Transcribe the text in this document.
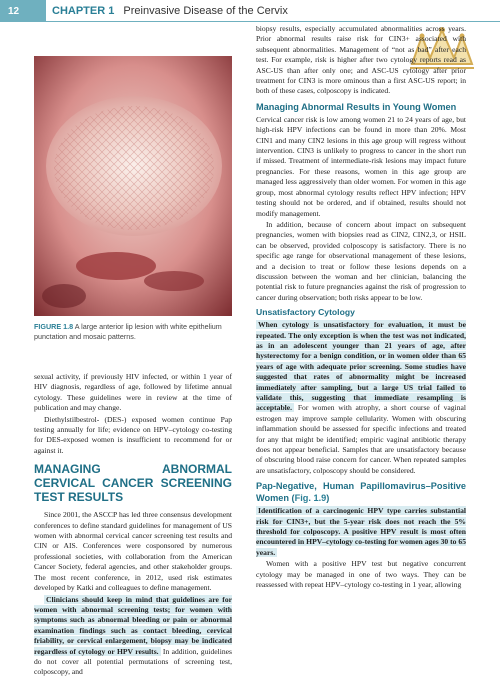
12	CHAPTER 1 Preinvasive Disease of the Cervix
FIGURE 1.8 A large anterior lip lesion with white epithelium punctation and mosaic patterns.

sexual activity, if previously HIV infected, or within 1 year of HIV diagnosis, regardless of age, followed by lifetime annual cytology. These guidelines were in review at the time of publication and may change.

Diethylstilbestrol- (DES-) exposed women continue Pap testing annually for life; evidence on HPV–cytology co-testing for DES-exposed women is insufficient to recommend for or against it.

MANAGING ABNORMAL CERVICAL CANCER SCREENING TEST RESULTS

Since 2001, the ASCCP has led three consensus development conferences to define standard guidelines for management of US women with abnormal cervical cancer screening test results and CIN or AIS. Conferences were cosponsored by numerous professional societies, with collaboration from the American Cancer Society, federal agencies, and other stakeholder groups. The most recent conference, in 2012, used risk estimates developed by Katki and colleagues to define management.

Clinicians should keep in mind that guidelines are for women with abnormal screening tests; for women with symptoms such as abnormal bleeding or pain or abnormal examination findings such as contact bleeding, cervical friability, or cervical enlargement, biopsy may be indicated regardless of cytology or HPV results. In addition, guidelines do not cover all potential permutations of screening test, colposcopy, and

biopsy results, especially accumulated abnormalities across years. Prior abnormal results raise risk for CIN3+ associated with subsequent abnormalities. Management of “not as bad” after each test. For example, risk is higher after two cytology reports read as ASC-US than after only one; and ASC-US cytology after prior treatment for CIN3 is more ominous than a first ASC-US report; in both of these cases, colposcopy is indicated.

Managing Abnormal Results in Young Women

Cervical cancer risk is low among women 21 to 24 years of age, but high-risk HPV infections can be found in more than 20%. Most CIN1 and many CIN2 lesions in this age group will regress without intervention. CIN3 is unlikely to progress to cancer in the short run if missed. Treatment of intermediate-risk lesions may impact future pregnancies. For these reasons, women in this age group are managed less aggressively than older women. For women in this age group, most abnormal cytology results reflect HPV infection; HPV testing should not be ordered, and if obtained, results should not modify management.

In addition, because of concern about impact on subsequent pregnancies, women with biopsies read as CIN2, CIN2,3, or HSIL can be observed, provided colposcopy is satisfactory. There is no specific age range for observational management of these lesions, and a decision to treat or follow these lesions depends on a discussion between the woman and her clinician, balancing the potential risk to future pregnancies against the risk of progression to cancer during observation; both risks appear to be low.

Unsatisfactory Cytology

When cytology is unsatisfactory for evaluation, it must be repeated. The only exception is when the test was not indicated, as in an adolescent younger than 21 years of age, after hysterectomy for a benign condition, or in women older than 65 years of age with adequate prior screening. Some studies have suggested that rates of abnormality might be increased immediately after sampling, but a large US trial failed to validate this, suggesting that immediate resampling is acceptable. For women with atrophy, a short course of vaginal estrogen may improve sample cellularity. Women with obscuring inflammation should be assessed for specific infections and treated for any that might be identified; empiric vaginal antibiotic therapy does not appear beneficial. Samples that are unsatisfactory because of obscuring blood raise concern for cancer. When repeated samples are unsatisfactory, colposcopy should be considered.

Pap-Negative, Human Papillomavirus–Positive Women (Fig. 1.9)

Identification of a carcinogenic HPV type carries substantial risk for CIN3+, but the 5-year risk does not reach the 5% threshold for colposcopy. A positive HPV result is most often encountered in HPV–cytology co-testing for women ages 30 to 65 years.

Women with a positive HPV test but negative concurrent cytology may be managed in one of two ways. They can be reassessed with repeat HPV–cytology co-testing in 1 year, allowing
